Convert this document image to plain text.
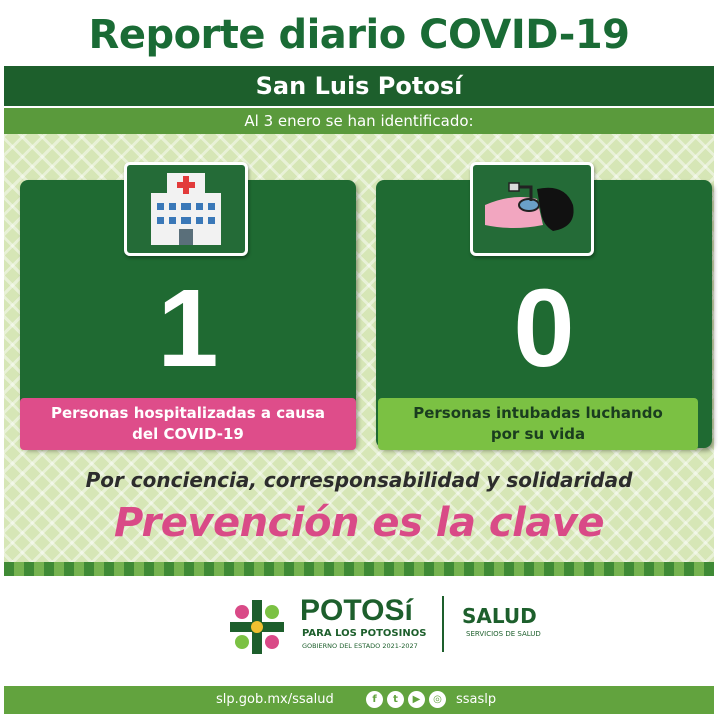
Reporte diario COVID-19
San Luis Potosí
Al 3 enero se han identificado:
1
Personas hospitalizadas a causa
del COVID-19
0
Personas intubadas luchando
por su vida
Por conciencia, corresponsabilidad y solidaridad
Prevención es la clave
POTOSí
PARA LOS POTOSINOS
GOBIERNO DEL ESTADO 2021-2027
SALUD
SERVICIOS DE SALUD
slp.gob.mx/ssalud	f	t	▶	◎	ssaslp
